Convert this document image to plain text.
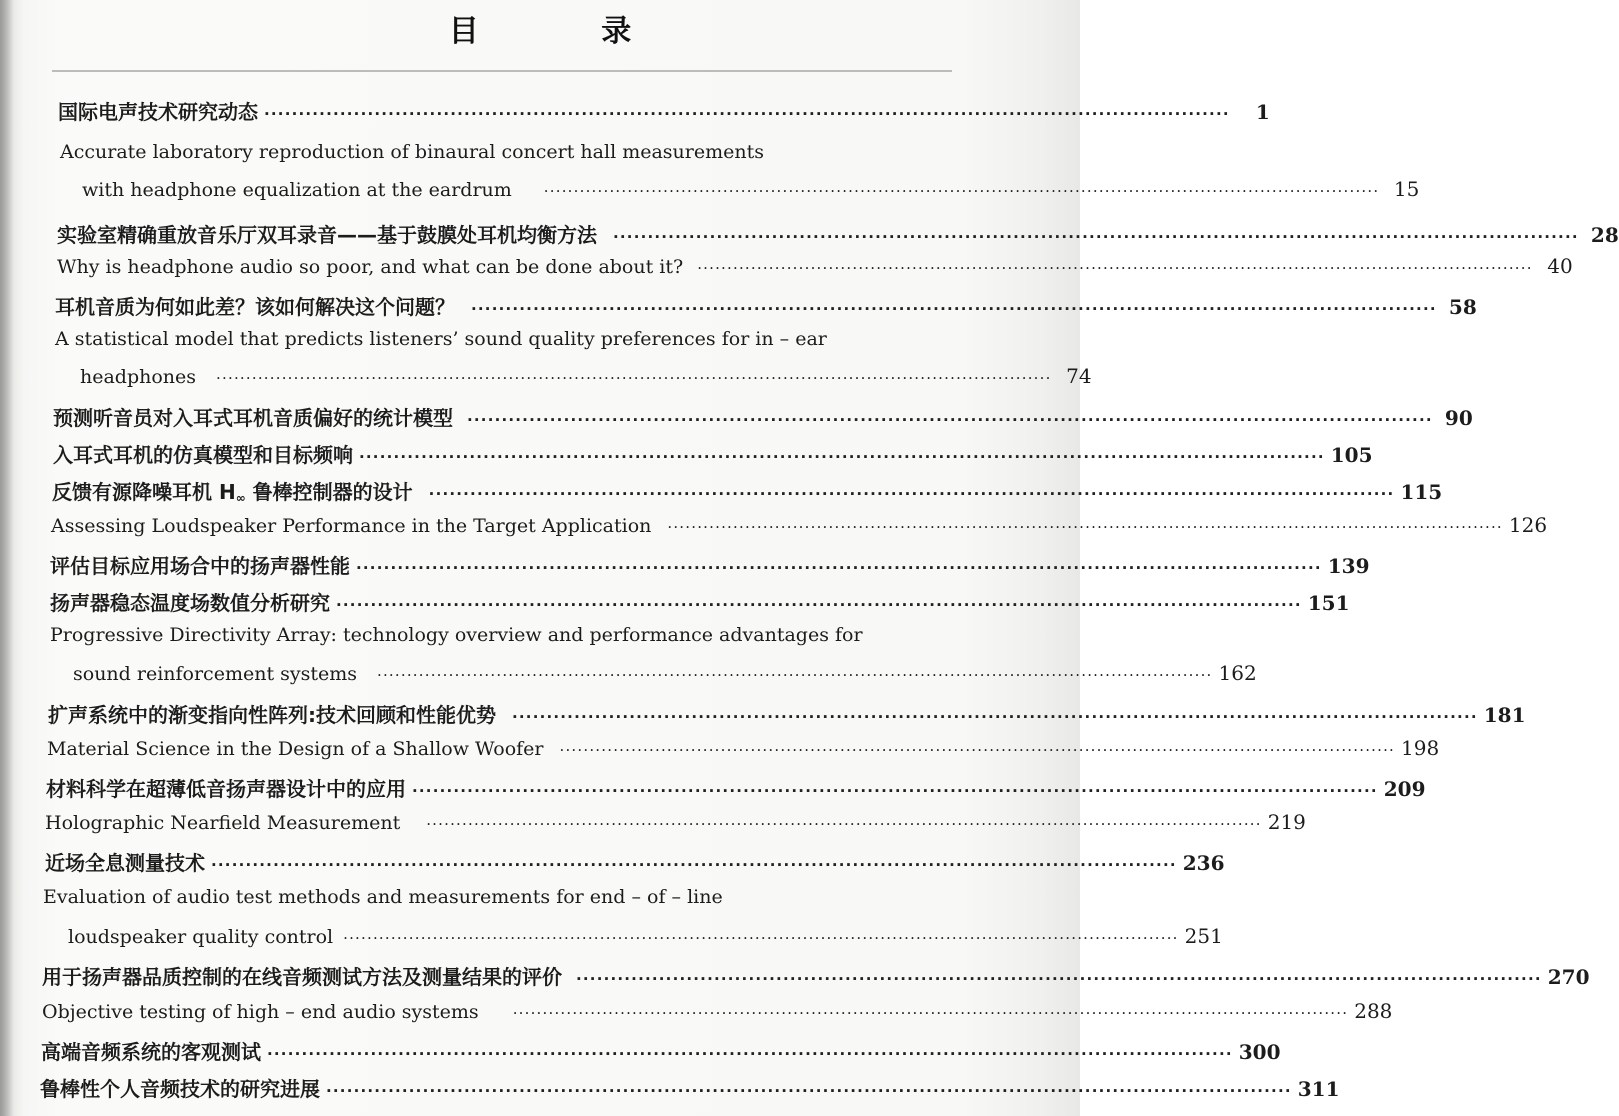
目 录
国际电声技术研究动态 ············································································································································	1
Accurate laboratory reproduction of binaural concert hall measurements
with headphone equalization at the eardrum ············································································································································ 15
实验室精确重放音乐厅双耳录音——基于鼓膜处耳机均衡方法 ············································································································································ 28
Why is headphone audio so poor, and what can be done about it? ············································································································································ 40
耳机音质为何如此差？该如何解决这个问题？ ············································································································································ 58
A statistical model that predicts listeners’ sound quality preferences for in – ear
headphones ············································································································································ 74
预测听音员对入耳式耳机音质偏好的统计模型 ············································································································································ 90
入耳式耳机的仿真模型和目标频响 ············································································································································ 105
反馈有源降噪耳机 $H_\infty$ 鲁棒控制器的设计 ············································································································································ 115
Assessing Loudspeaker Performance in the Target Application ············································································································································ 126
评估目标应用场合中的扬声器性能 ············································································································································ 139
扬声器稳态温度场数值分析研究 ············································································································································ 151
Progressive Directivity Array: technology overview and performance advantages for
sound reinforcement systems ············································································································································ 162
扩声系统中的渐变指向性阵列:技术回顾和性能优势 ············································································································································ 181
Material Science in the Design of a Shallow Woofer ············································································································································ 198
材料科学在超薄低音扬声器设计中的应用 ············································································································································ 209
Holographic Nearfield Measurement ············································································································································ 219
近场全息测量技术 ············································································································································ 236
Evaluation of audio test methods and measurements for end – of – line
loudspeaker quality control ············································································································································ 251
用于扬声器品质控制的在线音频测试方法及测量结果的评价 ············································································································································ 270
Objective testing of high – end audio systems ············································································································································ 288
高端音频系统的客观测试 ············································································································································ 300
鲁棒性个人音频技术的研究进展 ············································································································································ 311
